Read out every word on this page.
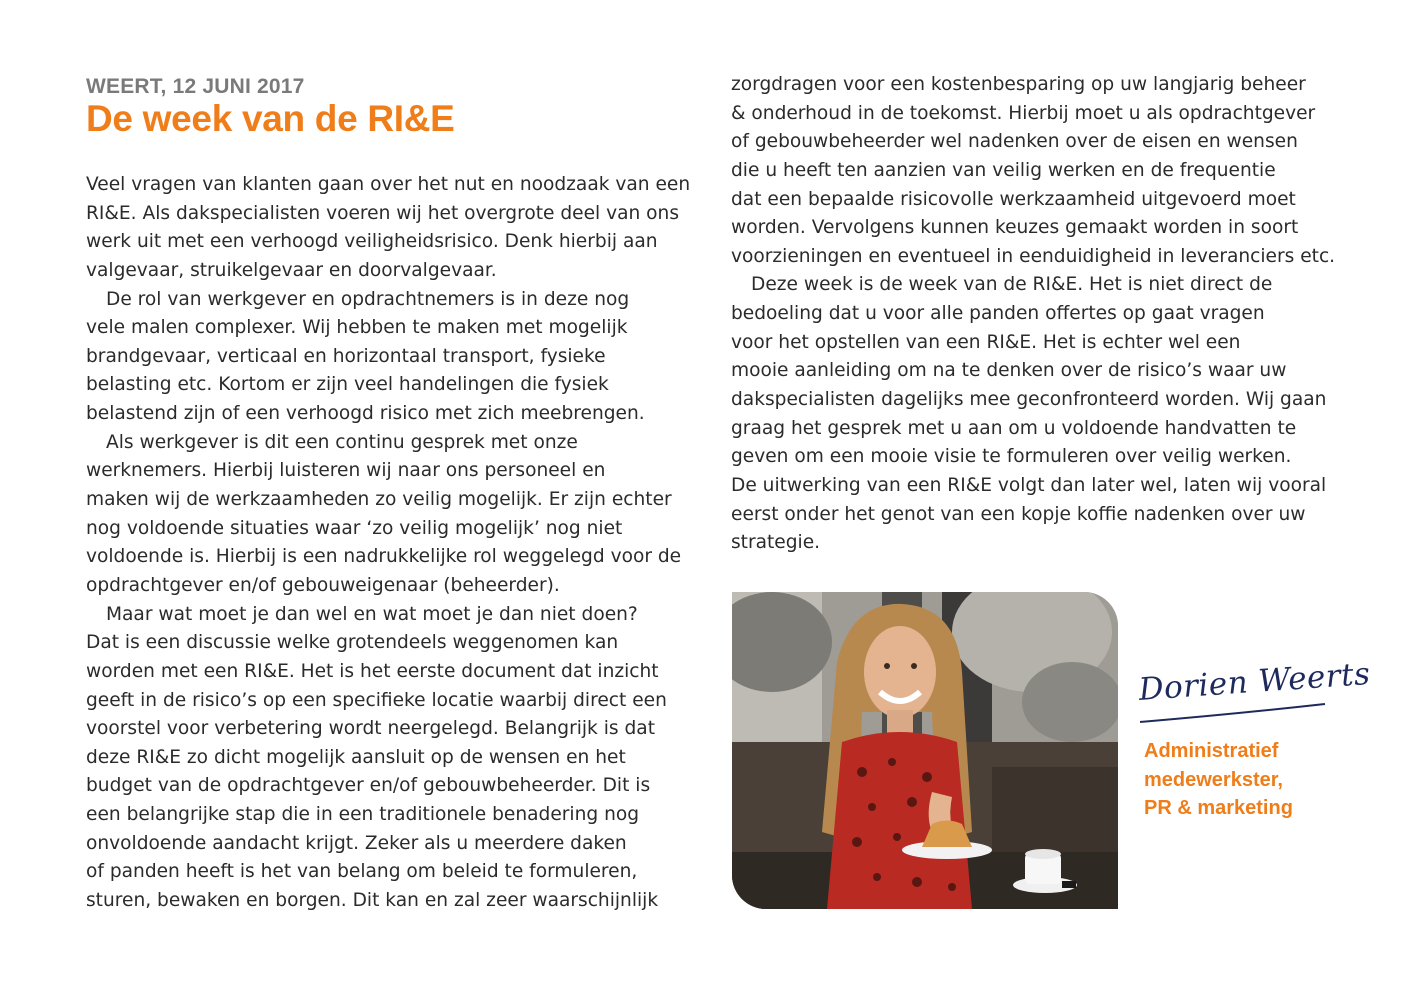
WEERT, 12 JUNI 2017
De week van de RI&E
Veel vragen van klanten gaan over het nut en noodzaak van een
RI&E. Als dakspecialisten voeren wij het overgrote deel van ons
werk uit met een verhoogd veiligheidsrisico. Denk hierbij aan
valgevaar, struikelgevaar en doorvalgevaar.
De rol van werkgever en opdrachtnemers is in deze nog
vele malen complexer. Wij hebben te maken met mogelijk
brandgevaar, verticaal en horizontaal transport, fysieke
belasting etc. Kortom er zijn veel handelingen die fysiek
belastend zijn of een verhoogd risico met zich meebrengen.
Als werkgever is dit een continu gesprek met onze
werknemers. Hierbij luisteren wij naar ons personeel en
maken wij de werkzaamheden zo veilig mogelijk. Er zijn echter
nog voldoende situaties waar ‘zo veilig mogelijk’ nog niet
voldoende is. Hierbij is een nadrukkelijke rol weggelegd voor de
opdrachtgever en/of gebouweigenaar (beheerder).
Maar wat moet je dan wel en wat moet je dan niet doen?
Dat is een discussie welke grotendeels weggenomen kan
worden met een RI&E. Het is het eerste document dat inzicht
geeft in de risico’s op een specifieke locatie waarbij direct een
voorstel voor verbetering wordt neergelegd. Belangrijk is dat
deze RI&E zo dicht mogelijk aansluit op de wensen en het
budget van de opdrachtgever en/of gebouwbeheerder. Dit is
een belangrijke stap die in een traditionele benadering nog
onvoldoende aandacht krijgt. Zeker als u meerdere daken
of panden heeft is het van belang om beleid te formuleren,
sturen, bewaken en borgen. Dit kan en zal zeer waarschijnlijk
zorgdragen voor een kostenbesparing op uw langjarig beheer
& onderhoud in de toekomst. Hierbij moet u als opdrachtgever
of gebouwbeheerder wel nadenken over de eisen en wensen
die u heeft ten aanzien van veilig werken en de frequentie
dat een bepaalde risicovolle werkzaamheid uitgevoerd moet
worden. Vervolgens kunnen keuzes gemaakt worden in soort
voorzieningen en eventueel in eenduidigheid in leveranciers etc.
Deze week is de week van de RI&E. Het is niet direct de
bedoeling dat u voor alle panden offertes op gaat vragen
voor het opstellen van een RI&E. Het is echter wel een
mooie aanleiding om na te denken over de risico’s waar uw
dakspecialisten dagelijks mee geconfronteerd worden. Wij gaan
graag het gesprek met u aan om u voldoende handvatten te
geven om een mooie visie te formuleren over veilig werken.
De uitwerking van een RI&E volgt dan later wel, laten wij vooral
eerst onder het genot van een kopje koffie nadenken over uw
strategie.
Dorien Weerts
Administratief
medewerkster,
PR & marketing
